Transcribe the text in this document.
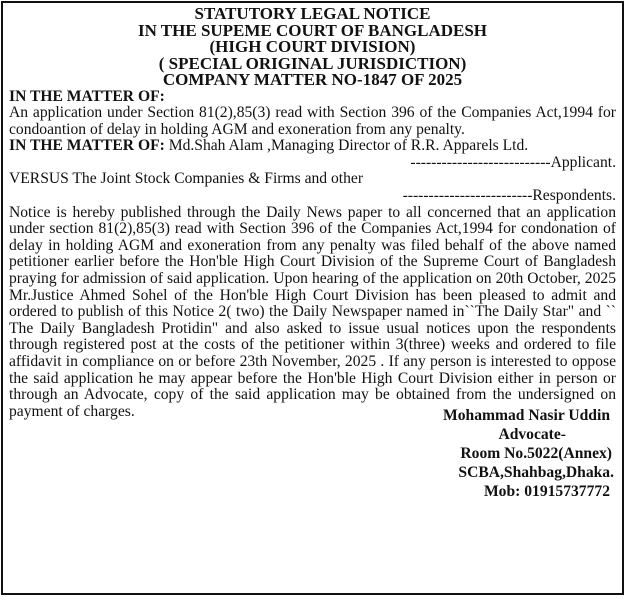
STATUTORY LEGAL NOTICE
IN THE SUPEME COURT OF BANGLADESH
(HIGH COURT DIVISION)
( SPECIAL ORIGINAL JURISDICTION)
COMPANY MATTER NO-1847 OF 2025
IN THE MATTER OF:

An application under Section 81(2),85(3) read with Section 396 of the Companies Act,1994 for condoantion of delay in holding AGM and exoneration from any penalty.

IN THE MATTER OF: Md.Shah Alam ,Managing Director of R.R. Apparels Ltd.

---------------------------Applicant.
VERSUS The Joint Stock Companies & Firms and other
-------------------------Respondents.

Notice is hereby published through the Daily News paper to all concerned that an application under section 81(2),85(3) read with Section 396 of the Companies Act,1994 for condonation of delay in holding AGM and exoneration from any penalty was filed behalf of the above named petitioner earlier before the Hon'ble High Court Division of the Supreme Court of Bangladesh praying for admission of said application. Upon hearing of the application on 20th October, 2025 Mr.Justice Ahmed Sohel of the Hon'ble High Court Division has been pleased to admit and ordered to publish of this Notice 2( two) the Daily Newspaper named in``The Daily Star" and `` The Daily Bangladesh Protidin" and also asked to issue usual notices upon the respondents through registered post at the costs of the petitioner within 3(three) weeks and ordered to file affidavit in compliance on or before 23th November, 2025 . If any person is interested to oppose the said application he may appear before the Hon'ble High Court Division either in person or through an Advocate, copy of the said application may be obtained from the undersigned on payment of charges.	Mohammad Nasir Uddin
Advocate-
Room No.5022(Annex)
SCBA,Shahbag,Dhaka.
Mob: 01915737772
